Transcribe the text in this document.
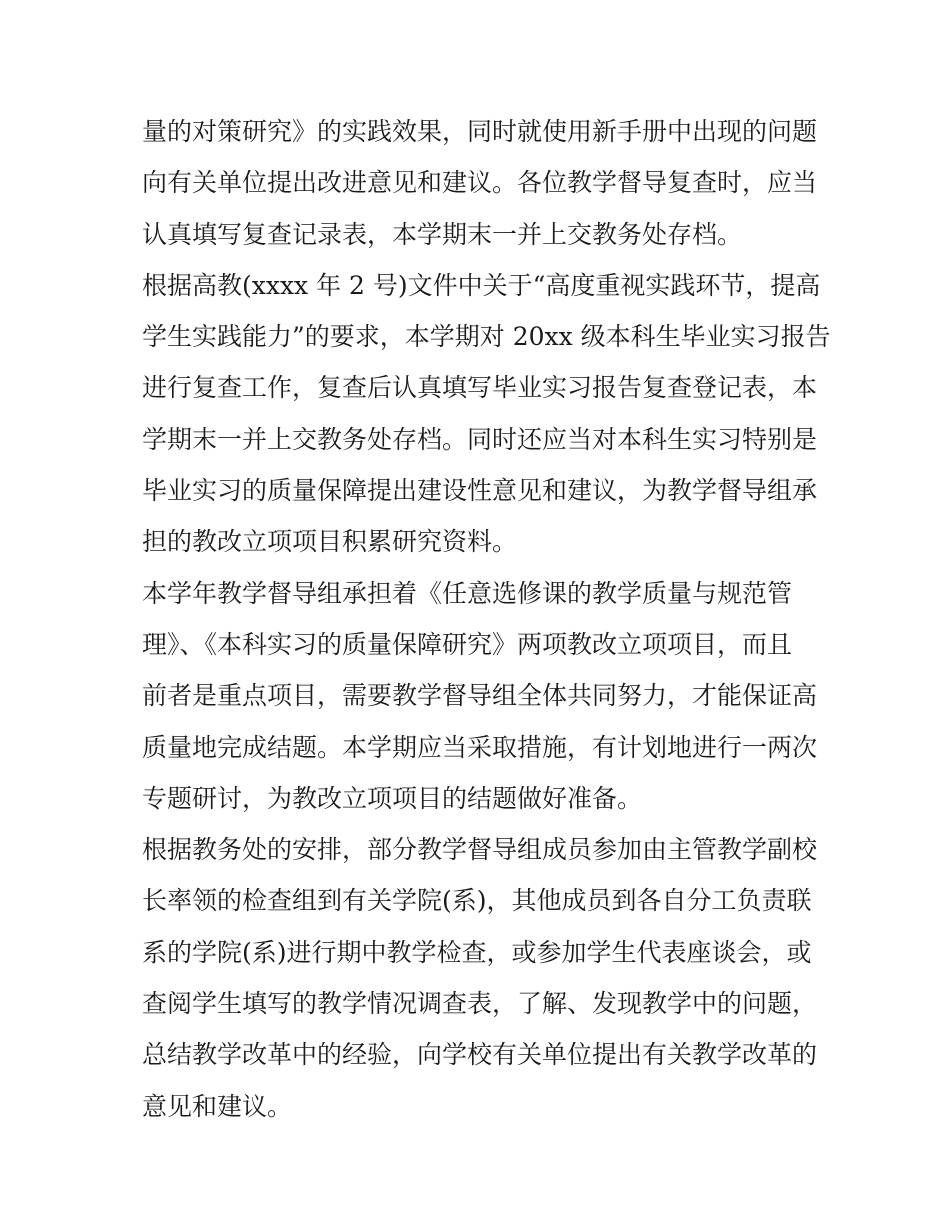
量的对策研究》的实践效果，同时就使用新手册中出现的问题
向有关单位提出改进意见和建议。各位教学督导复查时，应当
认真填写复查记录表，本学期末一并上交教务处存档。
根据高教(xxxx 年 2 号)文件中关于“高度重视实践环节，提高
学生实践能力”的要求，本学期对 20xx 级本科生毕业实习报告
进行复查工作，复查后认真填写毕业实习报告复查登记表，本
学期末一并上交教务处存档。同时还应当对本科生实习特别是
毕业实习的质量保障提出建设性意见和建议，为教学督导组承
担的教改立项项目积累研究资料。
本学年教学督导组承担着《任意选修课的教学质量与规范管
理》、《本科实习的质量保障研究》两项教改立项项目，而且
前者是重点项目，需要教学督导组全体共同努力，才能保证高
质量地完成结题。本学期应当采取措施，有计划地进行一两次
专题研讨，为教改立项项目的结题做好准备。
根据教务处的安排，部分教学督导组成员参加由主管教学副校
长率领的检查组到有关学院(系)，其他成员到各自分工负责联
系的学院(系)进行期中教学检查，或参加学生代表座谈会，或
查阅学生填写的教学情况调查表，了解、发现教学中的问题，
总结教学改革中的经验，向学校有关单位提出有关教学改革的
意见和建议。
